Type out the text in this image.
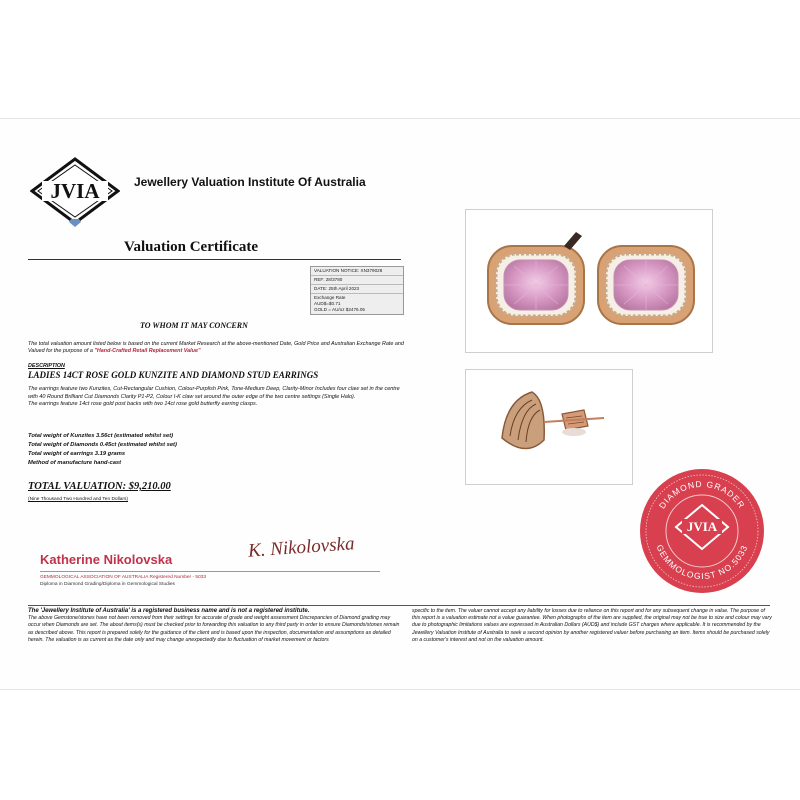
JVIA	Jewellery Valuation Institute Of Australia
Valuation Certificate
VALUATION NOTICE: XN379028
REF: 28/3780
DATE: 25th April 2023
Exchange Rate
AUD$=$0.71
GOLD = AU/oz $2476.05
TO WHOM IT MAY CONCERN
The total valuation amount listed below is based on the current Market Research at the above-mentioned Date, Gold Price and Australian Exchange Rate and Valued for the purpose of a "Hand-Crafted Retail Replacement Value"
DESCRIPTION
LADIES 14CT ROSE GOLD KUNZITE AND DIAMOND STUD EARRINGS
The earrings feature two Kunzites, Cut-Rectangular Cushion, Colour-Purplish Pink, Tone-Medium Deep, Clarity-Minor Includes four claw set in the centre with 40 Round Brilliant Cut Diamonds Clarity P1-P2, Colour I-K claw set around the outer edge of the two centre settings (Single Halo).
The earrings feature 14ct rose gold post backs with two 14ct rose gold butterfly earring clasps.
Total weight of Kunzites 3.56ct (estimated whilst set)
Total weight of Diamonds 0.45ct (estimated whilst set)
Total weight of earrings 3.19 grams
Method of manufacture hand-cast
TOTAL VALUATION: $9,210.00
(Nine Thousand Two Hundred and Ten Dollars)
Katherine Nikolovska	K. Nikolovska
GEMMOLOGICAL ASSOCIATION OF AUSTRALIA Registered Number - 5033
Diploma in Diamond Grading/Diploma in Gemmological Studies
DIAMOND GRADER
GEMMOLOGIST NO.5033
JVIA
The 'Jewellery Institute of Australia' is a registered business name and is not a registered institute.
The above Gemstone/stones have not been removed from their settings for accurate of grade and weight assessment Discrepancies of Diamond grading may occur when Diamonds are set. The about items(s) must be checked prior to forwarding this valuation to any third party in order to ensure Diamonds/stones remain as described above. This report is prepared solely for the guidance of the client and is based upon the inspection, documentation and assumptions as detailed herein. The valuation is as current as the date only and may change unexpectedly due to fluctuation of market movement or factors
specific to the item. The valuer cannot accept any liability for losses due to reliance on this report and for any subsequent change in value. The purpose of this report is a valuation estimate not a value guarantee. When photographs of the item are supplied, the original may not be true to size and colour may vary due to photographic limitations values are expressed in Australian Dollars (AUD$) and include GST charges where applicable. It is recommended by the Jewellery Valuation Institute of Australia to seek a second opinion by another registered valuer before purchasing an item. Items should be purchased solely on a customer's interest and not on the valuation amount.
